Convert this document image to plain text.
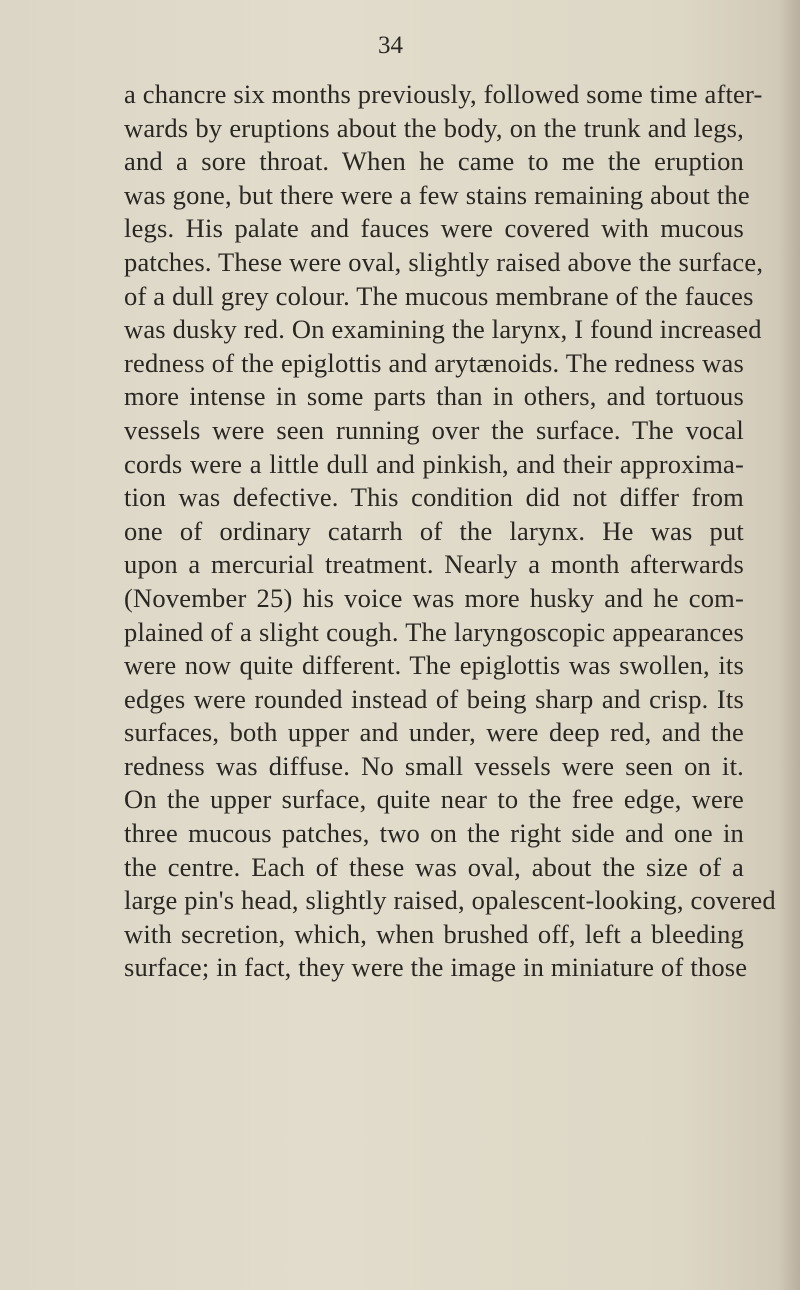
34
a chancre six months previously, followed some time after-
wards by eruptions about the body, on the trunk and legs,
and a sore throat. When he came to me the eruption
was gone, but there were a few stains remaining about the
legs. His palate and fauces were covered with mucous
patches. These were oval, slightly raised above the surface,
of a dull grey colour. The mucous membrane of the fauces
was dusky red. On examining the larynx, I found increased
redness of the epiglottis and arytænoids. The redness was
more intense in some parts than in others, and tortuous
vessels were seen running over the surface. The vocal
cords were a little dull and pinkish, and their approxima-
tion was defective. This condition did not differ from
one of ordinary catarrh of the larynx. He was put
upon a mercurial treatment. Nearly a month afterwards
(November 25) his voice was more husky and he com-
plained of a slight cough. The laryngoscopic appearances
were now quite different. The epiglottis was swollen, its
edges were rounded instead of being sharp and crisp. Its
surfaces, both upper and under, were deep red, and the
redness was diffuse. No small vessels were seen on it.
On the upper surface, quite near to the free edge, were
three mucous patches, two on the right side and one in
the centre. Each of these was oval, about the size of a
large pin's head, slightly raised, opalescent-looking, covered
with secretion, which, when brushed off, left a bleeding
surface; in fact, they were the image in miniature of those
